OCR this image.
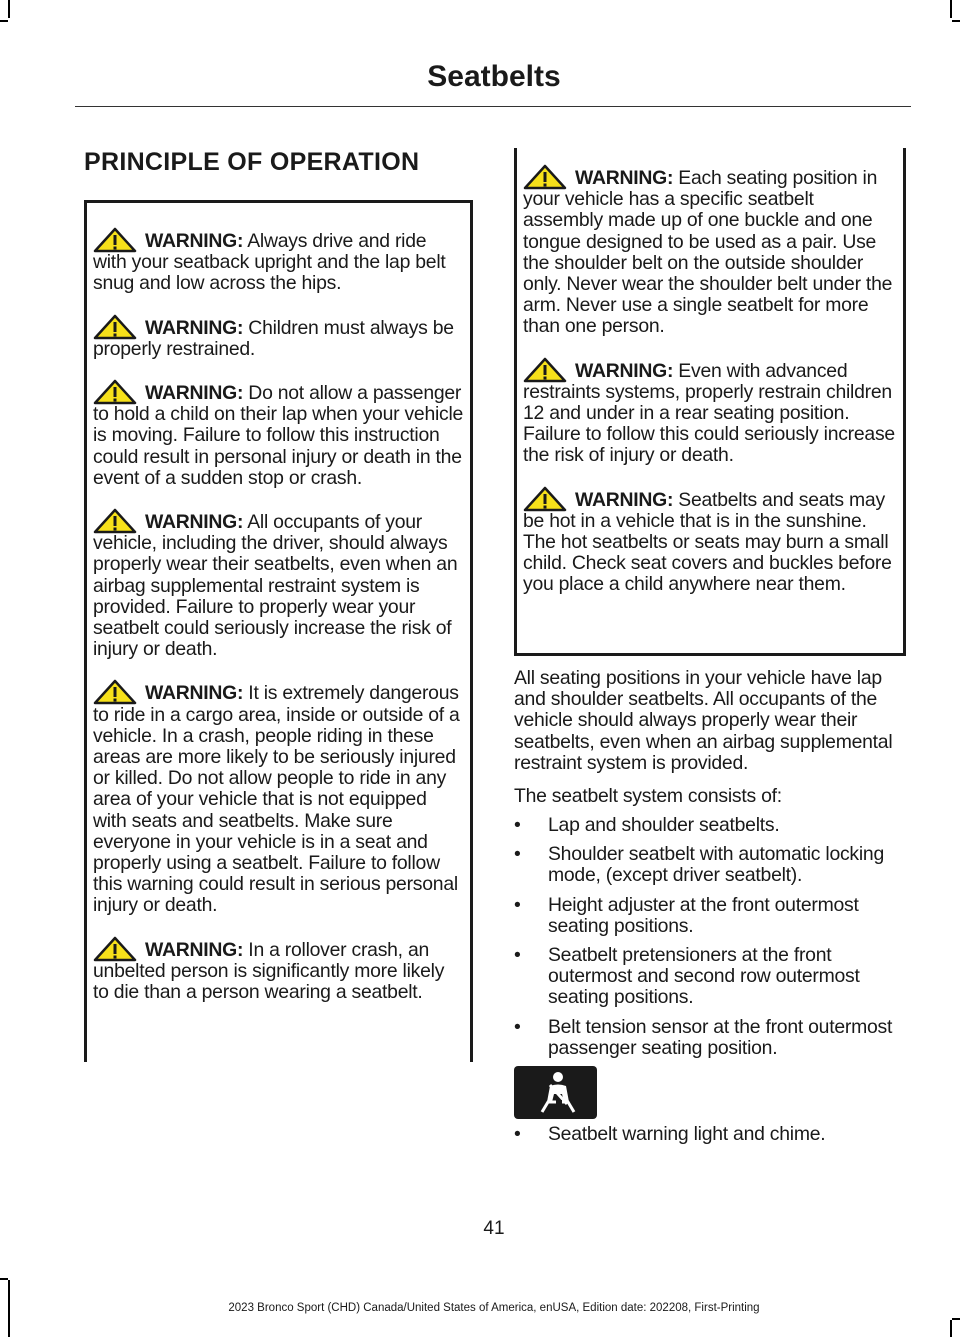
Seatbelts
PRINCIPLE OF OPERATION

WARNING: Always drive and ride with your seatback upright and the lap belt snug and low across the hips.

WARNING: Children must always be properly restrained.

WARNING: Do not allow a passenger to hold a child on their lap when your vehicle is moving. Failure to follow this instruction could result in personal injury or death in the event of a sudden stop or crash.

WARNING: All occupants of your vehicle, including the driver, should always properly wear their seatbelts, even when an airbag supplemental restraint system is provided. Failure to properly wear your seatbelt could seriously increase the risk of injury or death.

WARNING: It is extremely dangerous to ride in a cargo area, inside or outside of a vehicle. In a crash, people riding in these areas are more likely to be seriously injured or killed. Do not allow people to ride in any area of your vehicle that is not equipped with seats and seatbelts. Make sure everyone in your vehicle is in a seat and properly using a seatbelt. Failure to follow this warning could result in serious personal injury or death.

WARNING: In a rollover crash, an unbelted person is significantly more likely to die than a person wearing a seatbelt.

WARNING: Each seating position in your vehicle has a specific seatbelt assembly made up of one buckle and one tongue designed to be used as a pair. Use the shoulder belt on the outside shoulder only. Never wear the shoulder belt under the arm. Never use a single seatbelt for more than one person.

WARNING: Even with advanced restraints systems, properly restrain children 12 and under in a rear seating position. Failure to follow this could seriously increase the risk of injury or death.

WARNING: Seatbelts and seats may be hot in a vehicle that is in the sunshine. The hot seatbelts or seats may burn a small child. Check seat covers and buckles before you place a child anywhere near them.

All seating positions in your vehicle have lap and shoulder seatbelts. All occupants of the vehicle should always properly wear their seatbelts, even when an airbag supplemental restraint system is provided.
The seatbelt system consists of:
• Lap and shoulder seatbelts.
• Shoulder seatbelt with automatic locking mode, (except driver seatbelt).
• Height adjuster at the front outermost seating positions.
• Seatbelt pretensioners at the front outermost and second row outermost seating positions.
• Belt tension sensor at the front outermost passenger seating position.
• Seatbelt warning light and chime.
41
2023 Bronco Sport (CHD) Canada/United States of America, enUSA, Edition date: 202208, First-Printing
